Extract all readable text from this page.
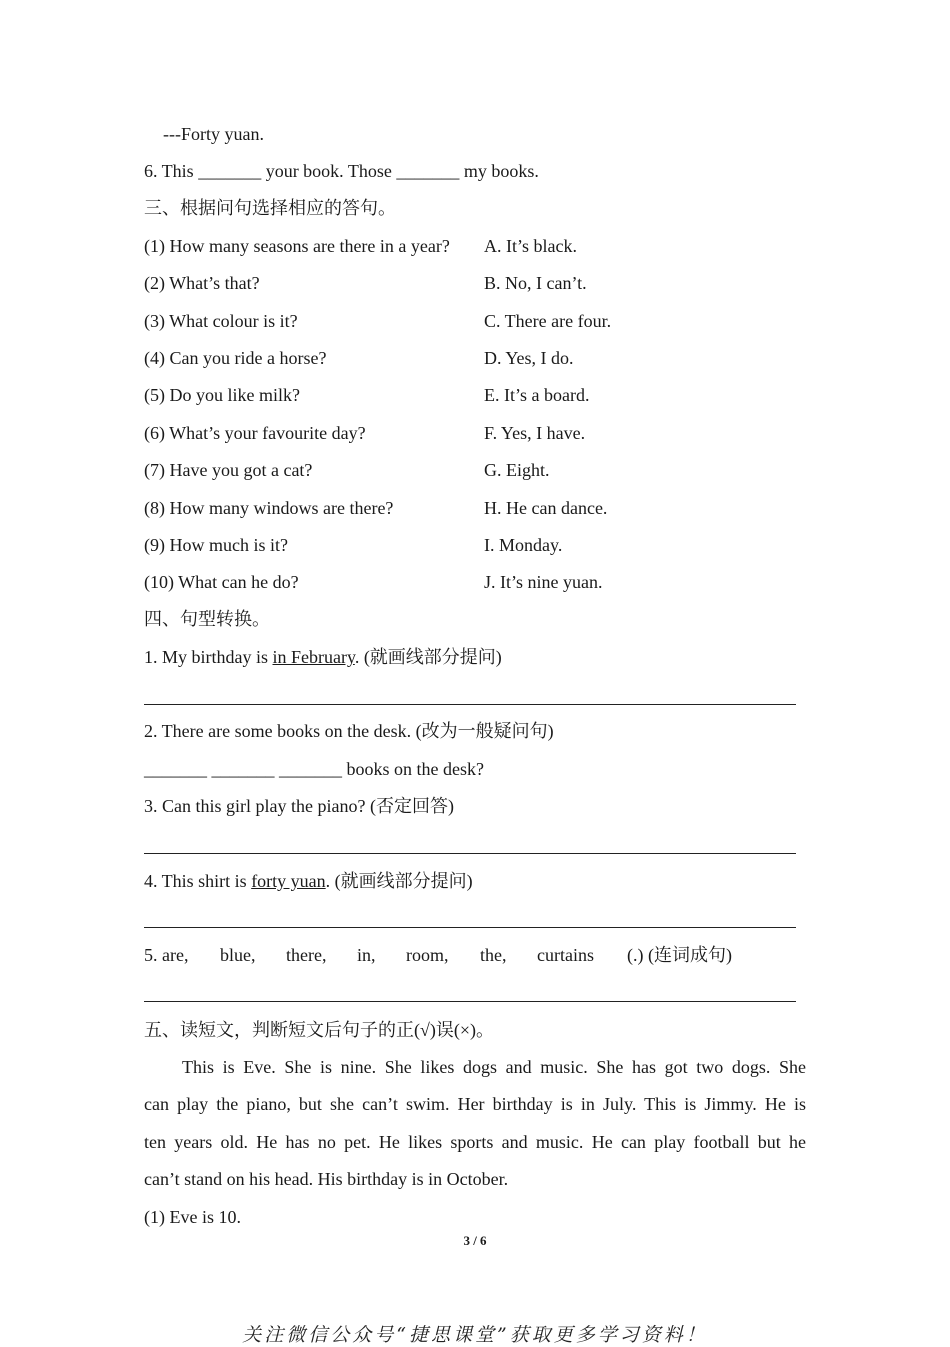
---Forty yuan.
6. This _______ your book. Those _______ my books.
三、根据问句选择相应的答句。
(1) How many seasons are there in a year? A. It’s black.
(2) What’s that?	B. No, I can’t.
(3) What colour is it?	C. There are four.
(4) Can you ride a horse?	D. Yes, I do.
(5) Do you like milk?	E. It’s a board.
(6) What’s your favourite day?	F. Yes, I have.
(7) Have you got a cat?	G. Eight.
(8) How many windows are there?	H. He can dance.
(9) How much is it?	I. Monday.
(10) What can he do?	J. It’s nine yuan.
四、句型转换。
1. My birthday is in February. (就画线部分提问)
2. There are some books on the desk. (改为一般疑问句)
_______ _______ _______ books on the desk?
3. Can this girl play the piano? (否定回答)
4. This shirt is forty yuan. (就画线部分提问)
5. are, blue, there, in, room, the, curtains (.) (连词成句)
五、读短文，判断短文后句子的正(√)误(×)。
This is Eve. She is nine. She likes dogs and music. She has got two dogs. She
can play the piano, but she can’t swim. Her birthday is in July. This is Jimmy. He is
ten years old. He has no pet. He likes sports and music. He can play football but he
can’t stand on his head. His birthday is in October.
(1) Eve is 10.
3 / 6
关注微信公众号“捷思课堂”获取更多学习资料！
